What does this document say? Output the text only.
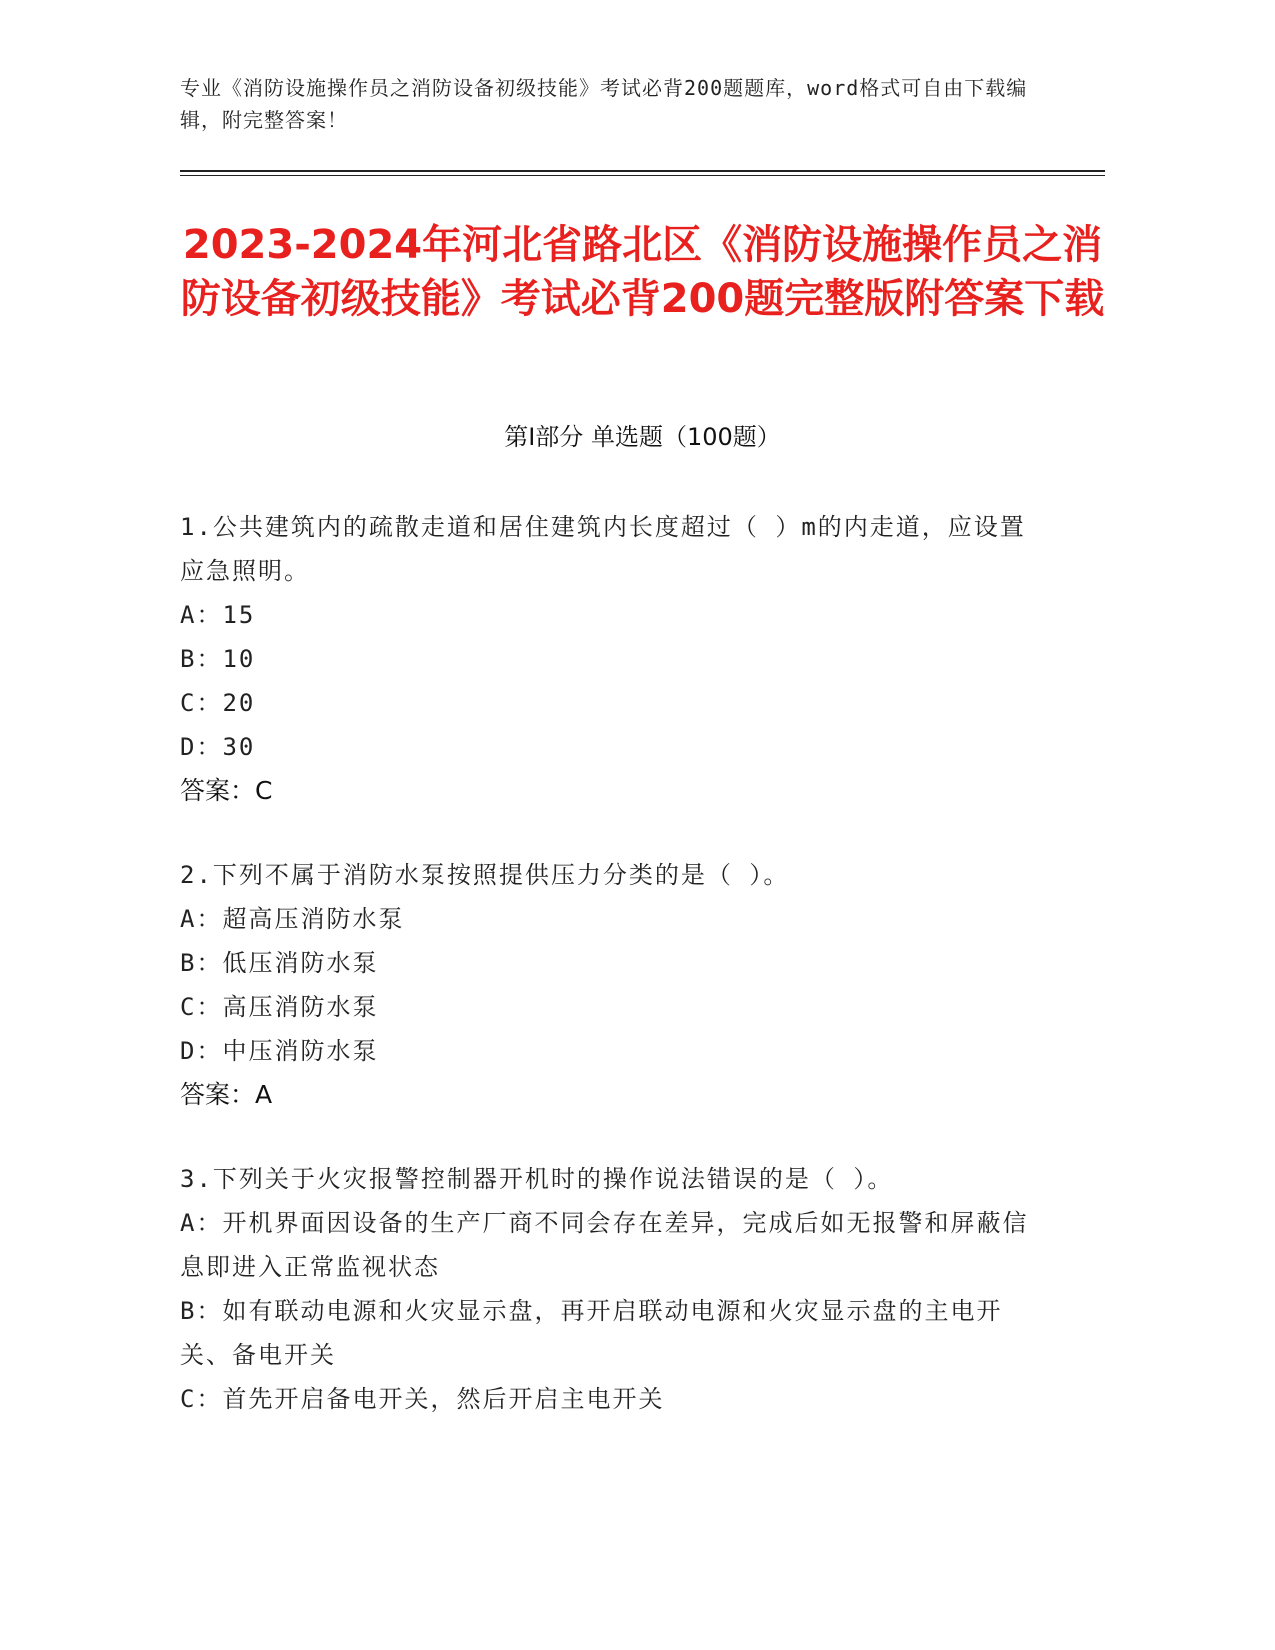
专业《消防设施操作员之消防设备初级技能》考试必背200题题库，word格式可自由下载编辑，附完整答案！
2023-2024年河北省路北区《消防设施操作员之消防设备初级技能》考试必背200题完整版附答案下载
第Ⅰ部分 单选题（100题）
1.公共建筑内的疏散走道和居住建筑内长度超过（ ）m的内走道，应设置应急照明。
A：15
B：10
C：20
D：30
答案：C
2.下列不属于消防水泵按照提供压力分类的是（ ）。
A：超高压消防水泵
B：低压消防水泵
C：高压消防水泵
D：中压消防水泵
答案：A
3.下列关于火灾报警控制器开机时的操作说法错误的是（ ）。
A：开机界面因设备的生产厂商不同会存在差异，完成后如无报警和屏蔽信息即进入正常监视状态
B：如有联动电源和火灾显示盘，再开启联动电源和火灾显示盘的主电开关、备电开关
C：首先开启备电开关，然后开启主电开关
